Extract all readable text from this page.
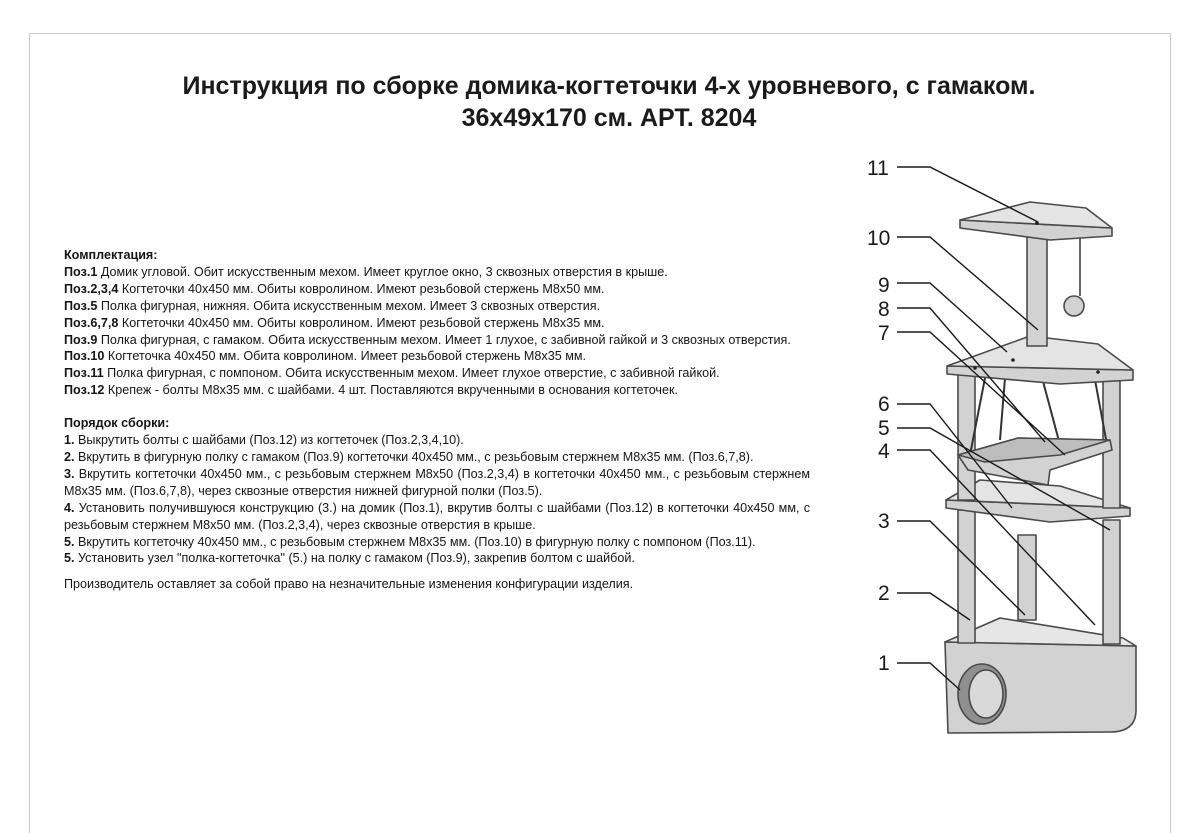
Инструкция по сборке домика-когтеточки 4-х уровневого, с гамаком.
36х49х170 см. АРТ. 8204

Комплектация:

Поз.1 Домик угловой. Обит искусственным мехом. Имеет круглое окно, 3 сквозных отверстия в крыше.

Поз.2,3,4 Когтеточки 40х450 мм. Обиты ковролином. Имеют резьбовой стержень М8х50 мм.

Поз.5 Полка фигурная, нижняя. Обита искусственным мехом. Имеет 3 сквозных отверстия.

Поз.6,7,8 Когтеточки 40х450 мм. Обиты ковролином. Имеют резьбовой стержень М8х35 мм.

Поз.9 Полка фигурная, с гамаком. Обита искусственным мехом. Имеет 1 глухое, с забивной гайкой и 3 сквозных отверстия.

Поз.10 Когтеточка 40х450 мм. Обита ковролином. Имеет резьбовой стержень М8х35 мм.

Поз.11 Полка фигурная, с помпоном. Обита искусственным мехом. Имеет глухое отверстие, с забивной гайкой.

Поз.12 Крепеж - болты М8х35 мм. с шайбами. 4 шт. Поставляются вкрученными в основания когтеточек.

Порядок сборки:

1. Выкрутить болты с шайбами (Поз.12) из когтеточек (Поз.2,3,4,10).

2. Вкрутить в фигурную полку с гамаком (Поз.9) когтеточки 40х450 мм., с резьбовым стержнем М8х35 мм. (Поз.6,7,8).

3. Вкрутить когтеточки 40х450 мм., с резьбовым стержнем М8х50 (Поз.2,3,4) в когтеточки 40х450 мм., с резьбовым стержнем М8х35 мм. (Поз.6,7,8), через сквозные отверстия нижней фигурной полки (Поз.5).

4. Установить получившуюся конструкцию (3.) на домик (Поз.1), вкрутив болты с шайбами (Поз.12) в когтеточки 40х450 мм, с резьбовым стержнем М8х50 мм. (Поз.2,3,4), через сквозные отверстия в крыше.

5. Вкрутить когтеточку 40х450 мм., с резьбовым стержнем М8х35 мм. (Поз.10) в фигурную полку с помпоном (Поз.11).

5. Установить узел "полка-когтеточка" (5.) на полку с гамаком (Поз.9), закрепив болтом с шайбой.

Производитель оставляет за собой право на незначительные изменения конфигурации изделия.

11
10
9
8
7
6
5
4
3
2
1
